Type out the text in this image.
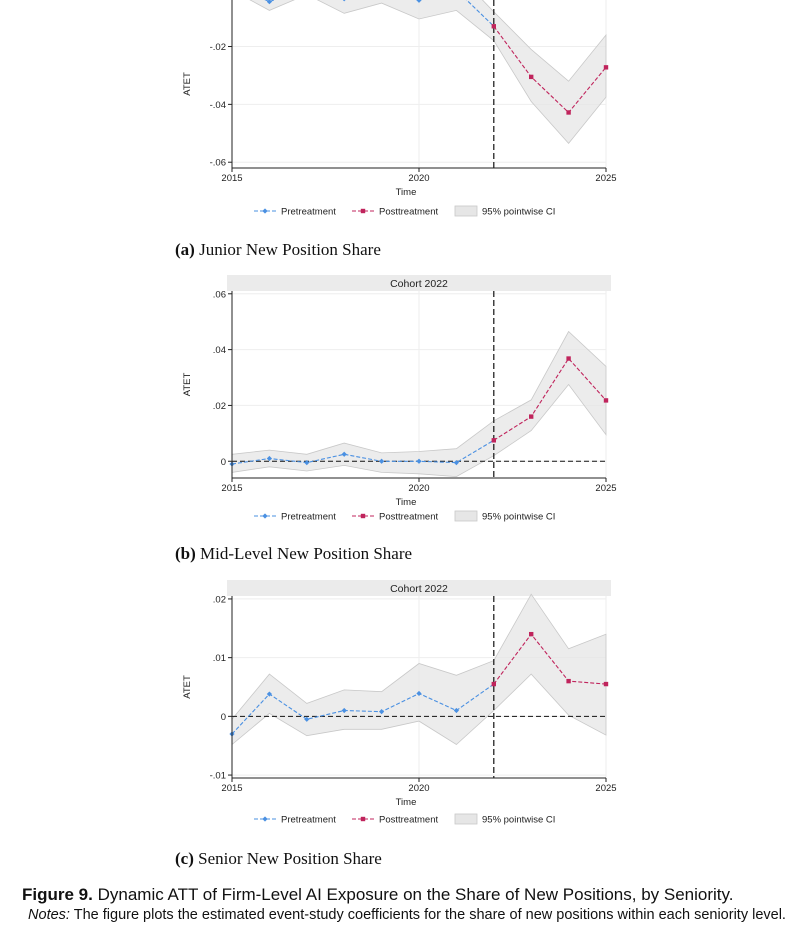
-.02
-.04
-.06
2015	2020	2025
Time
ATET
Pretreatment	Posttreatment	95% pointwise CI
(a) Junior New Position Share
Cohort 2022
0
.02
.04
.06
2015	2020	2025
Time
ATET
Pretreatment	Posttreatment	95% pointwise CI
(b) Mid-Level New Position Share
Cohort 2022
-.01
0
.01
.02
2015	2020	2025
Time
ATET
Pretreatment	Posttreatment	95% pointwise CI
(c) Senior New Position Share
Figure 9. Dynamic ATT of Firm-Level AI Exposure on the Share of New Positions, by Seniority.
Notes: The figure plots the estimated event-study coefficients for the share of new positions within each seniority level.
